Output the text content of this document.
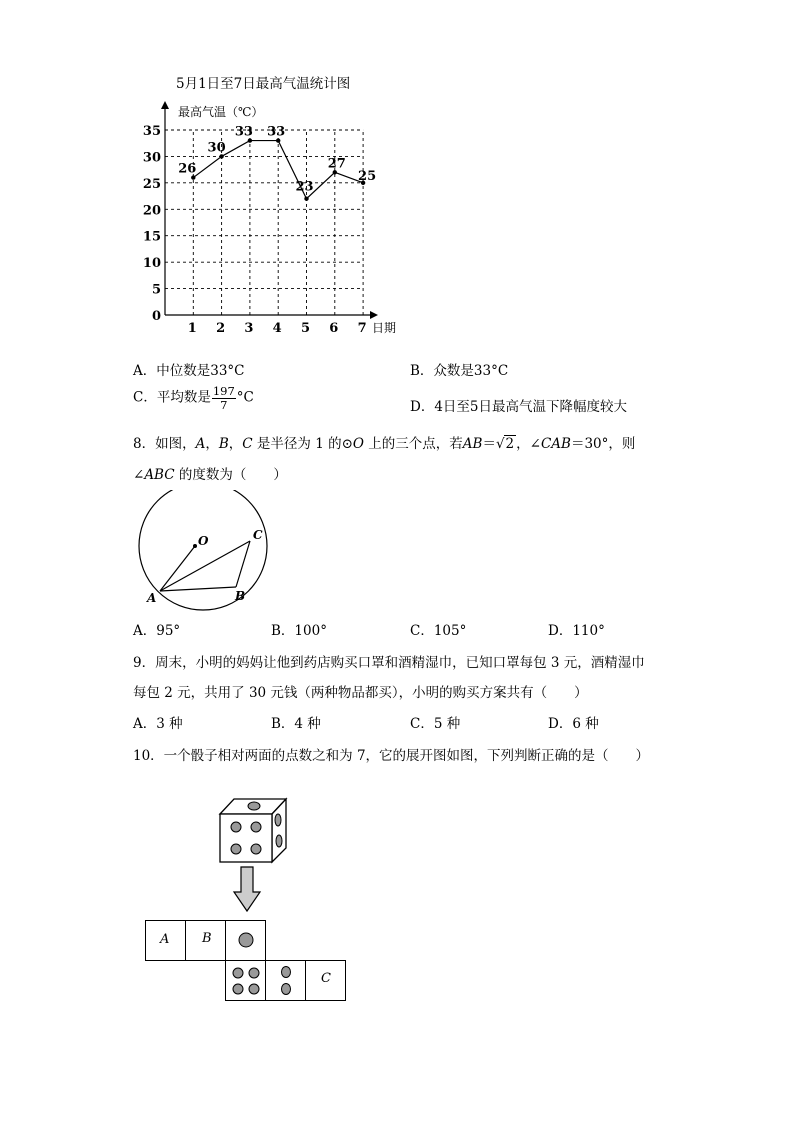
5月1日至7日最高气温统计图
最高气温（℃）
日期
0
5
10
15
20
25
30
35
1 2 3 4 5 6 7
26
30
33 33
23
27
25
A．中位数是33°C	B．众数是33°C
C．平均数是 $\frac{197}{7} ^\circ C$
D．4日至5日最高气温下降幅度较大
8．如图，A，B，C 是半径为 1 的⊙O 上的三个点，若AB＝√2 ，∠CAB＝30°，则
∠ABC 的度数为（　　）
O
A	B
C
A．95°	B．100°	C．105°	D．110°
9．周末，小明的妈妈让他到药店购买口罩和酒精湿巾，已知口罩每包 3 元，酒精湿巾
每包 2 元，共用了 30 元钱（两种物品都买），小明的购买方案共有（　　）
A．3 种	B．4 种	C．5 种	D．6 种
10．一个骰子相对两面的点数之和为 7，它的展开图如图，下列判断正确的是（　　）
A	B
C
